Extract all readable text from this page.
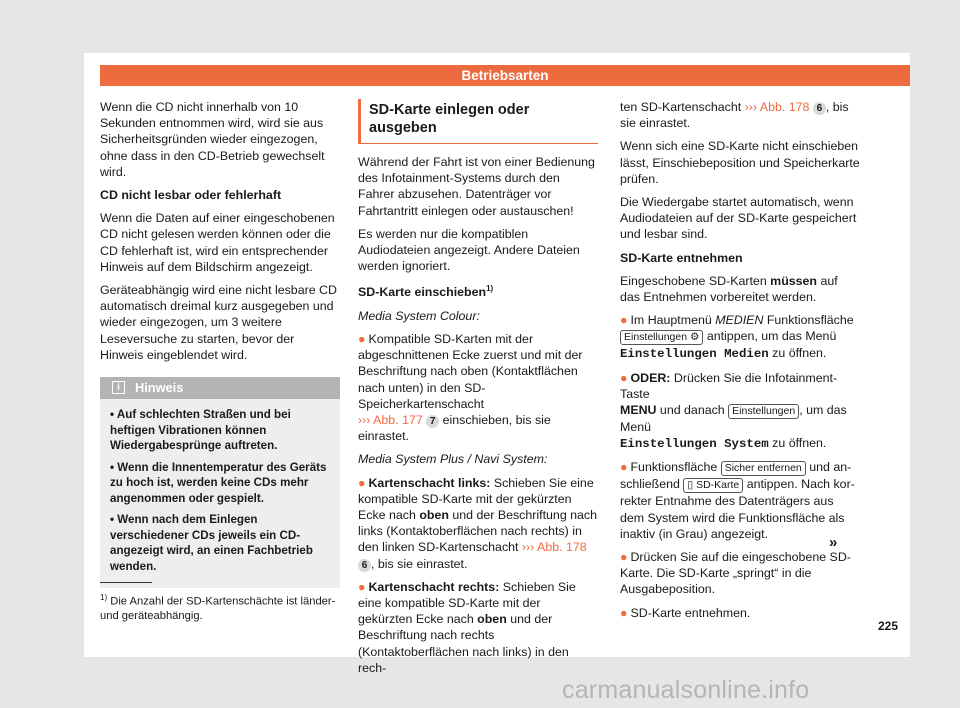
Betriebsarten

Wenn die CD nicht innerhalb von 10 Sekunden entnommen wird, wird sie aus Sicherheitsgründen wieder eingezogen, ohne dass in den CD-Betrieb gewechselt wird.

CD nicht lesbar oder fehlerhaft

Wenn die Daten auf einer eingeschobenen CD nicht gelesen werden können oder die CD fehlerhaft ist, wird ein entsprechender Hinweis auf dem Bildschirm angezeigt.

Geräteabhängig wird eine nicht lesbare CD automatisch dreimal kurz ausgegeben und wieder eingezogen, um 3 weitere Leseversuche zu starten, bevor der Hinweis eingeblendet wird.

i Hinweis

• Auf schlechten Straßen und bei heftigen Vibrationen können Wiedergabesprünge auftreten.

• Wenn die Innentemperatur des Geräts zu hoch ist, werden keine CDs mehr angenommen oder gespielt.

• Wenn nach dem Einlegen verschiedener CDs jeweils ein CD- angezeigt wird, an einen Fachbetrieb wenden.

SD-Karte einlegen oder ausgeben

Während der Fahrt ist von einer Bedienung des Infotainment-Systems durch den Fahrer abzusehen. Datenträger vor Fahrtantritt einlegen oder austauschen!

Es werden nur die kompatiblen Audiodateien angezeigt. Andere Dateien werden ignoriert.

SD-Karte einschieben$^{1)}$

Media System Colour:

● Kompatible SD-Karten mit der abgeschnittenen Ecke zuerst und mit der Beschriftung nach oben (Kontaktflächen nach unten) in den SD-Speicherkartenschacht
››› Abb. 177 7 einschieben, bis sie einrastet.

Media System Plus / Navi System:

● Kartenschacht links: Schieben Sie eine kompatible SD-Karte mit der gekürzten Ecke nach oben und der Beschriftung nach links (Kontaktoberflächen nach rechts) in den linken SD-Kartenschacht ››› Abb. 178 6 , bis sie einrastet.

● Kartenschacht rechts: Schieben Sie eine kompatible SD-Karte mit der gekürzten Ecke nach oben und der Beschriftung nach rechts (Kontaktoberflächen nach links) in den rech-

ten SD-Kartenschacht ››› Abb. 178 6 , bis sie einrastet.

Wenn sich eine SD-Karte nicht einschieben lässt, Einschiebeposition und Speicherkarte prüfen.

Die Wiedergabe startet automatisch, wenn Audiodateien auf der SD-Karte gespeichert und lesbar sind.

SD-Karte entnehmen

Eingeschobene SD-Karten müssen auf das Entnehmen vorbereitet werden.

● Im Hauptmenü MEDIEN Funktionsfläche
Einstellungen ⚙ antippen, um das Menü Einstellungen Medien zu öffnen.

● ODER: Drücken Sie die Infotainment-Taste
MENU und danach Einstellungen , um das Menü
Einstellungen System zu öffnen.

● Funktionsfläche Sicher entfernen und anschließend ▯ SD-Karte antippen. Nach korrekter Entnahme des Datenträgers aus dem System wird die Funktionsfläche als inaktiv (in Grau) angezeigt.

● Drücken Sie auf die eingeschobene SD-Karte. Die SD-Karte „springt“ in die Ausgabeposition.

● SD-Karte entnehmen.

»
$^{1)}$ Die Anzahl der SD-Kartenschächte ist länder- und geräteabhängig.
225
carmanualsonline.info
